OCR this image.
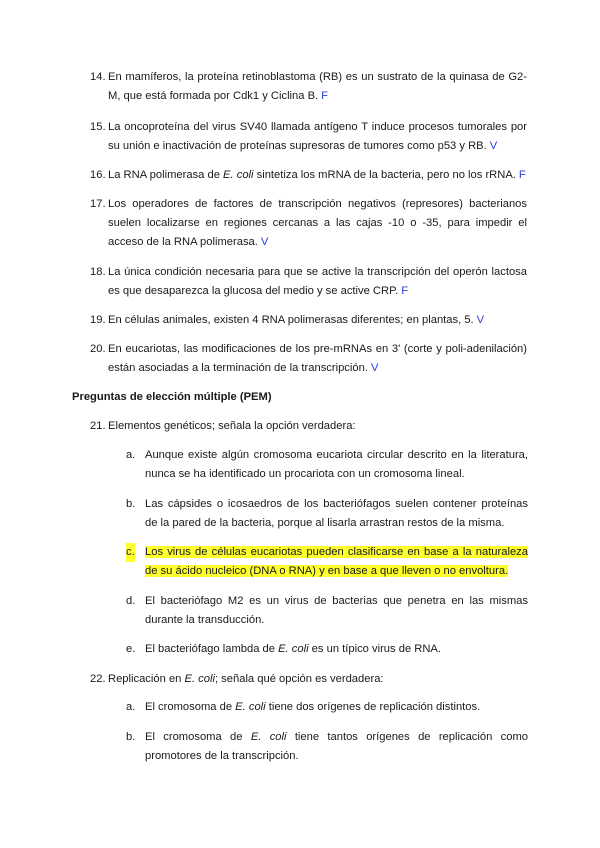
14. En mamíferos, la proteína retinoblastoma (RB) es un sustrato de la quinasa de G2-M, que está formada por Cdk1 y Ciclina B. F
15. La oncoproteína del virus SV40 llamada antígeno T induce procesos tumorales por su unión e inactivación de proteínas supresoras de tumores como p53 y RB. V
16. La RNA polimerasa de E. coli sintetiza los mRNA de la bacteria, pero no los rRNA. F
17. Los operadores de factores de transcripción negativos (represores) bacterianos suelen localizarse en regiones cercanas a las cajas -10 o -35, para impedir el acceso de la RNA polimerasa. V
18. La única condición necesaria para que se active la transcripción del operón lactosa es que desaparezca la glucosa del medio y se active CRP. F
19. En células animales, existen 4 RNA polimerasas diferentes; en plantas, 5. V
20. En eucariotas, las modificaciones de los pre-mRNAs en 3' (corte y poli-adenilación) están asociadas a la terminación de la transcripción. V
Preguntas de elección múltiple (PEM)
21. Elementos genéticos; señala la opción verdadera:
a. Aunque existe algún cromosoma eucariota circular descrito en la literatura, nunca se ha identificado un procariota con un cromosoma lineal.
b. Las cápsides o icosaedros de los bacteriófagos suelen contener proteínas de la pared de la bacteria, porque al lisarla arrastran restos de la misma.
c. Los virus de células eucariotas pueden clasificarse en base a la naturaleza de su ácido nucleico (DNA o RNA) y en base a que lleven o no envoltura.
d. El bacteriófago M2 es un virus de bacterias que penetra en las mismas durante la transducción.
e. El bacteriófago lambda de E. coli es un típico virus de RNA.
22. Replicación en E. coli; señala qué opción es verdadera:
a. El cromosoma de E. coli tiene dos orígenes de replicación distintos.
b. El cromosoma de E. coli tiene tantos orígenes de replicación como promotores de la transcripción.
